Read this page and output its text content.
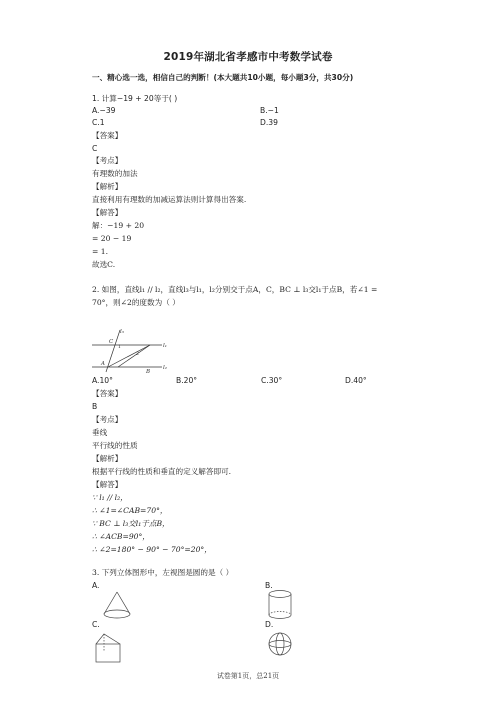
2019年湖北省孝感市中考数学试卷
一、精心选一选，相信自己的判断！(本大题共10小题，每小题3分，共30分)
1. 计算−19 + 20等于( )
A.−39	B.−1
C.1	D.39
【答案】
C
【考点】
有理数的加法
【解析】
直接利用有理数的加减运算法则计算得出答案.
【解答】
解：−19 + 20
= 20 − 19
= 1.
故选C.
2. 如图，直线l₁ // l₂，直线l₃与l₁，l₂分别交于点A，C，BC ⊥ l₃交l₁于点B，若∠1 =
70°，则∠2的度数为（ ）
l₁
l₂
l₃
A
B
C
1
2
A.10°	B.20°	C.30°	D.40°
【答案】
B
【考点】
垂线
平行线的性质
【解析】
根据平行线的性质和垂直的定义解答即可.
【解答】
∵ l₁ // l₂，
∴ ∠1=∠CAB=70°，
∵ BC ⊥ l₃交l₁于点B，
∴ ∠ACB=90°，
∴ ∠2=180° − 90° − 70°=20°，
3. 下列立体图形中，左视图是圆的是（ ）
A.	B.
C.	D.
试卷第1页，总21页
